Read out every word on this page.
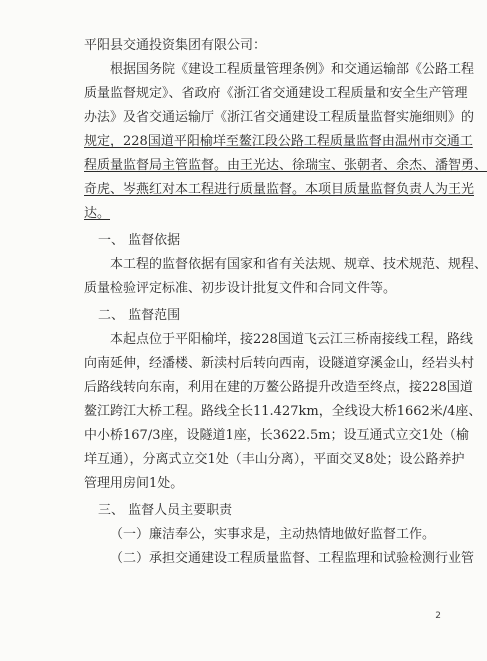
平阳县交通投资集团有限公司：
根据国务院《建设工程质量管理条例》和交通运输部《公路工程
质量监督规定》、省政府《浙江省交通建设工程质量和安全生产管理
办法》及省交通运输厅《浙江省交通建设工程质量监督实施细则》的
规定，228国道平阳榆垟至鳌江段公路工程质量监督由温州市交通工
程质量监督局主管监督。由王光达、徐瑞宝、张朝者、余杰、潘智勇、
奇虎、岑燕红对本工程进行质量监督。本项目质量监督负责人为王光
达。
一、 监督依据
本工程的监督依据有国家和省有关法规、规章、技术规范、规程、
质量检验评定标准、初步设计批复文件和合同文件等。
二、 监督范围
本起点位于平阳榆垟，接228国道飞云江三桥南接线工程，路线
向南延伸，经潘楼、新渎村后转向西南，设隧道穿溪金山，经岩头村
后路线转向东南，利用在建的万鳌公路提升改造至终点，接228国道
鳌江跨江大桥工程。路线全长11.427km，全线设大桥1662米/4座、
中小桥167/3座，设隧道1座，长3622.5m；设互通式立交1处（榆
垟互通），分离式立交1处（丰山分离），平面交叉8处；设公路养护
管理用房间1处。
三、 监督人员主要职责
（一）廉洁奉公，实事求是，主动热情地做好监督工作。
（二）承担交通建设工程质量监督、工程监理和试验检测行业管
2
